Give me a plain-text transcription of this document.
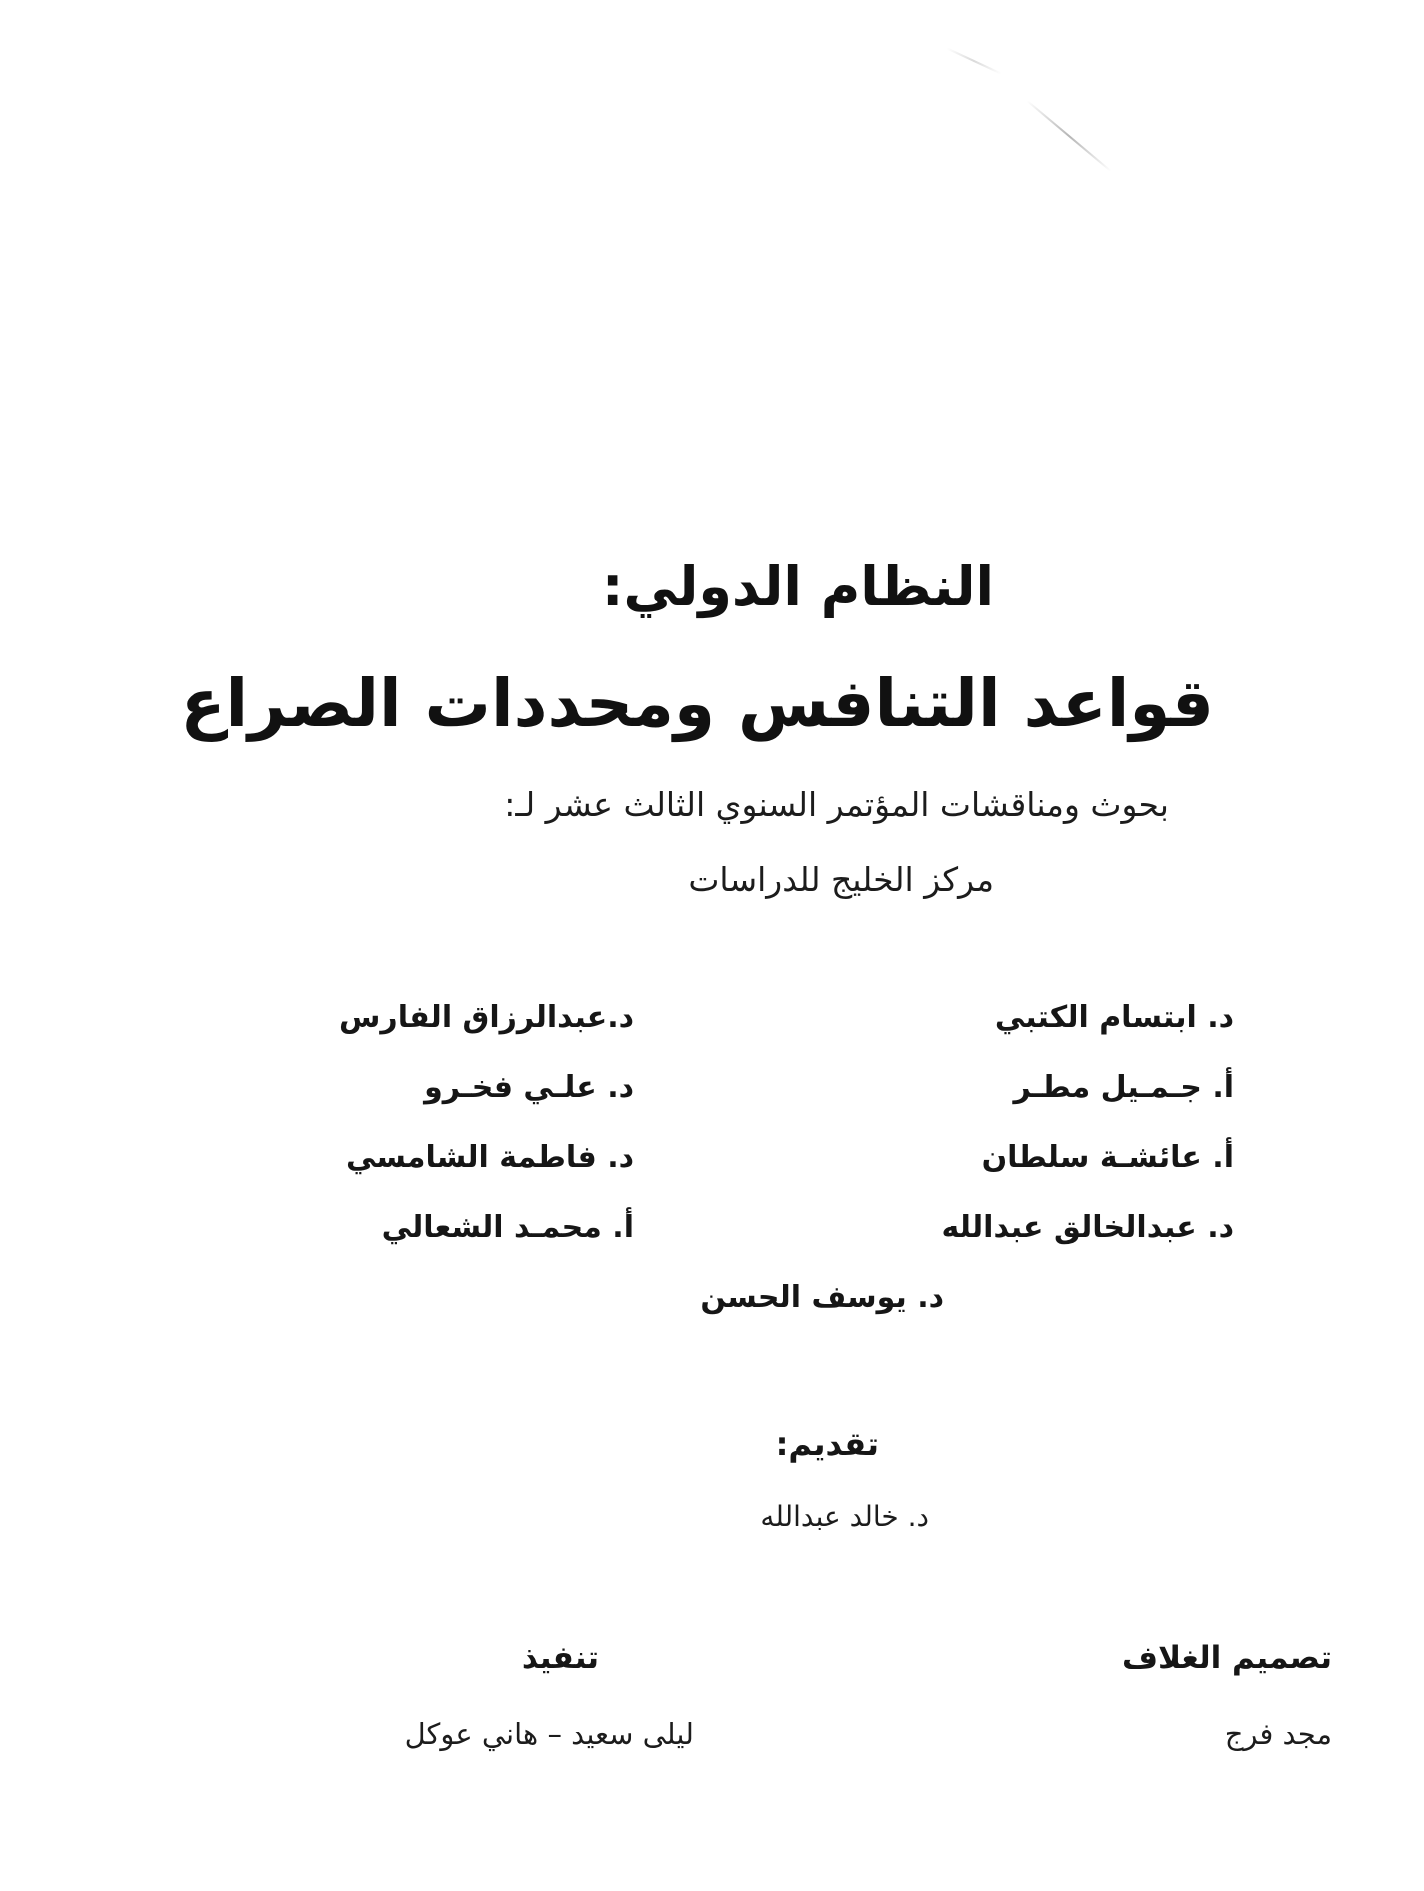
النظام الدولي:
قواعد التنافس ومحددات الصراع
بحوث ومناقشات المؤتمر السنوي الثالث عشر لـ:
مركز الخليج للدراسات
د. ابتسام الكتبي
د.عبدالرزاق الفارس
أ. جـمـيل مطـر
د. علـي فخـرو
أ. عائشـة سلطان
د. فاطمة الشامسي
د. عبدالخالق عبدالله
أ. محمـد الشعالي
د. يوسف الحسن
تقديم:
د. خالد عبدالله
تصميم الغلاف
مجد فرج
تنفيذ
ليلى سعيد – هاني عوكل
